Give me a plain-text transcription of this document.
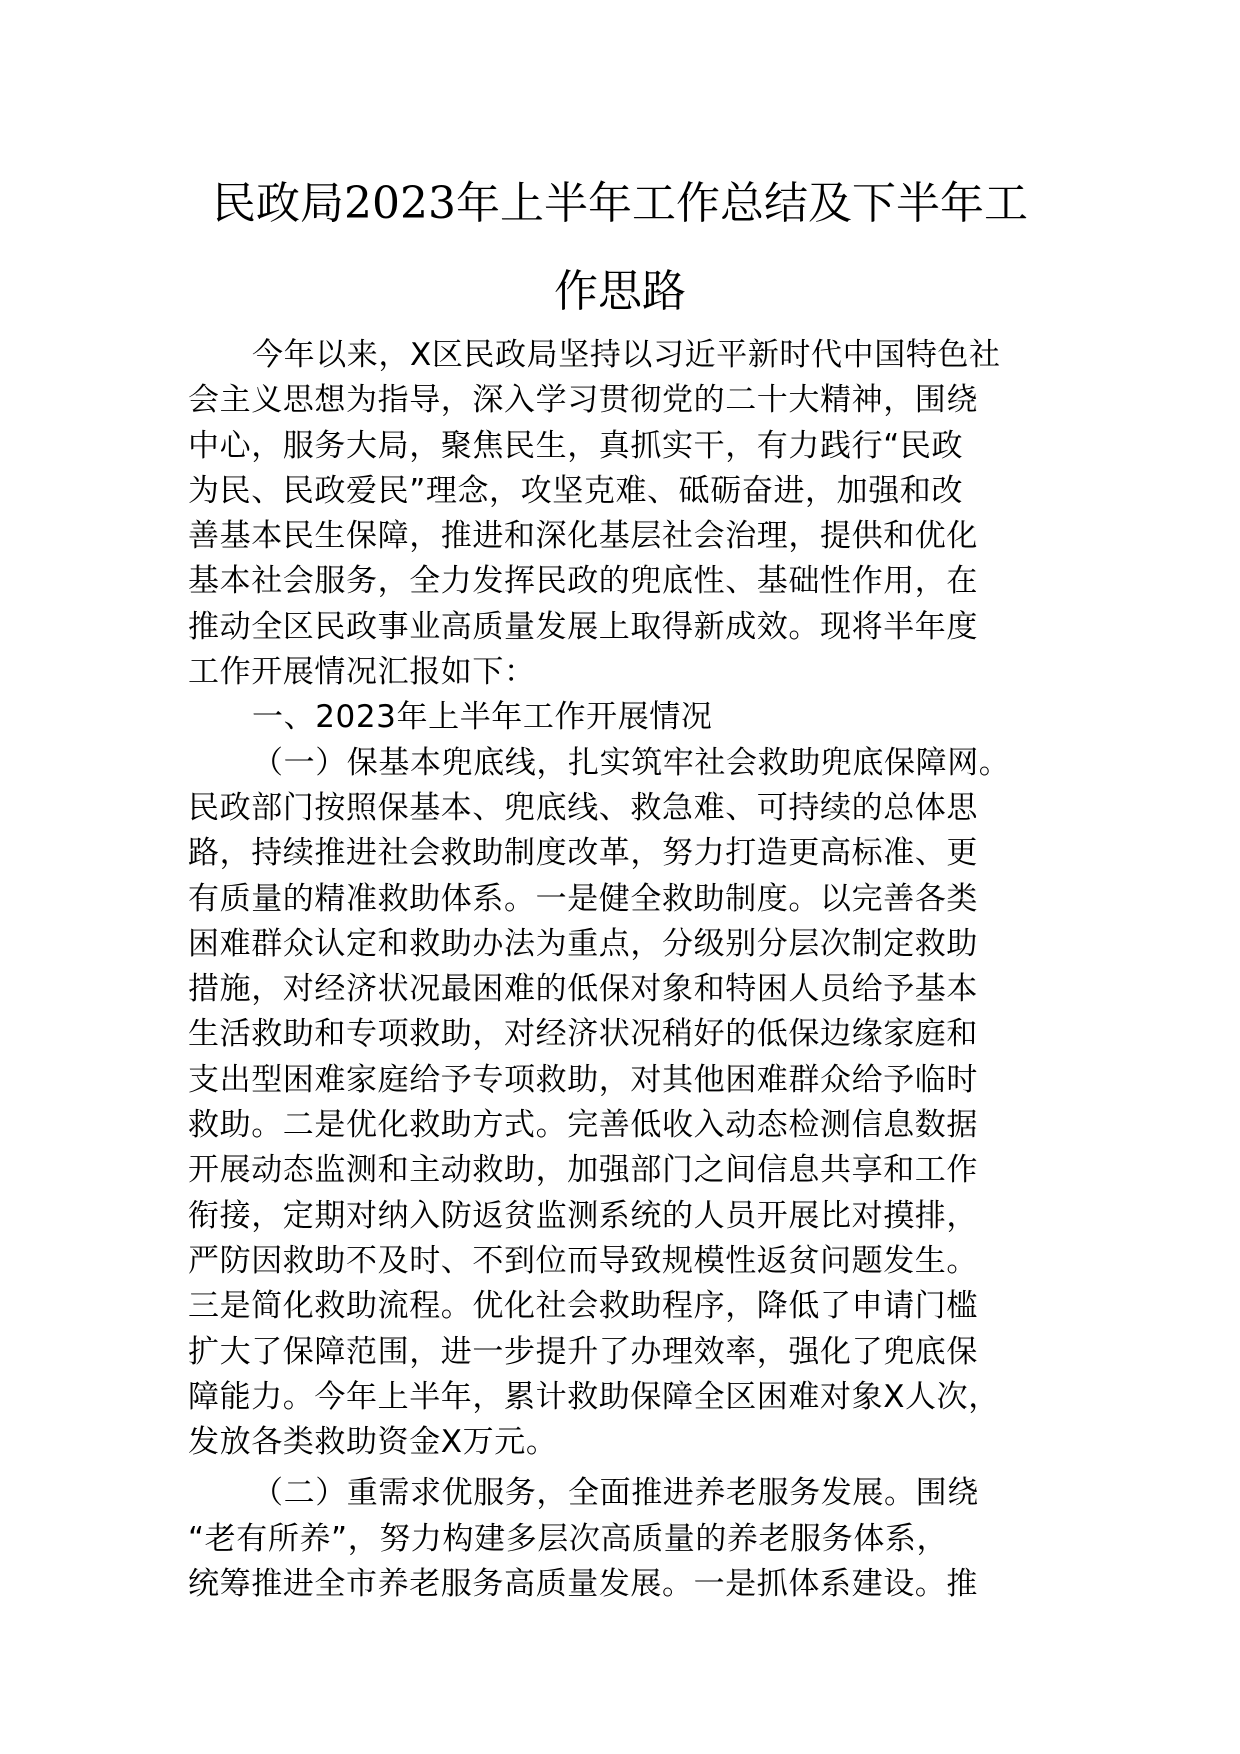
民政局2023年上半年工作总结及下半年工
作思路
今年以来，X区民政局坚持以习近平新时代中国特色社
会主义思想为指导，深入学习贯彻党的二十大精神，围绕
中心，服务大局，聚焦民生，真抓实干，有力践行“民政
为民、民政爱民”理念，攻坚克难、砥砺奋进，加强和改
善基本民生保障，推进和深化基层社会治理，提供和优化
基本社会服务，全力发挥民政的兜底性、基础性作用，在
推动全区民政事业高质量发展上取得新成效。现将半年度
工作开展情况汇报如下：
一、2023年上半年工作开展情况
（一）保基本兜底线，扎实筑牢社会救助兜底保障网。
民政部门按照保基本、兜底线、救急难、可持续的总体思
路，持续推进社会救助制度改革，努力打造更高标准、更
有质量的精准救助体系。一是健全救助制度。以完善各类
困难群众认定和救助办法为重点，分级别分层次制定救助
措施，对经济状况最困难的低保对象和特困人员给予基本
生活救助和专项救助，对经济状况稍好的低保边缘家庭和
支出型困难家庭给予专项救助，对其他困难群众给予临时
救助。二是优化救助方式。完善低收入动态检测信息数据
开展动态监测和主动救助，加强部门之间信息共享和工作
衔接，定期对纳入防返贫监测系统的人员开展比对摸排，
严防因救助不及时、不到位而导致规模性返贫问题发生。
三是简化救助流程。优化社会救助程序，降低了申请门槛
扩大了保障范围，进一步提升了办理效率，强化了兜底保
障能力。今年上半年，累计救助保障全区困难对象X人次，
发放各类救助资金X万元。
（二）重需求优服务，全面推进养老服务发展。围绕
“老有所养”，努力构建多层次高质量的养老服务体系，
统筹推进全市养老服务高质量发展。一是抓体系建设。推
